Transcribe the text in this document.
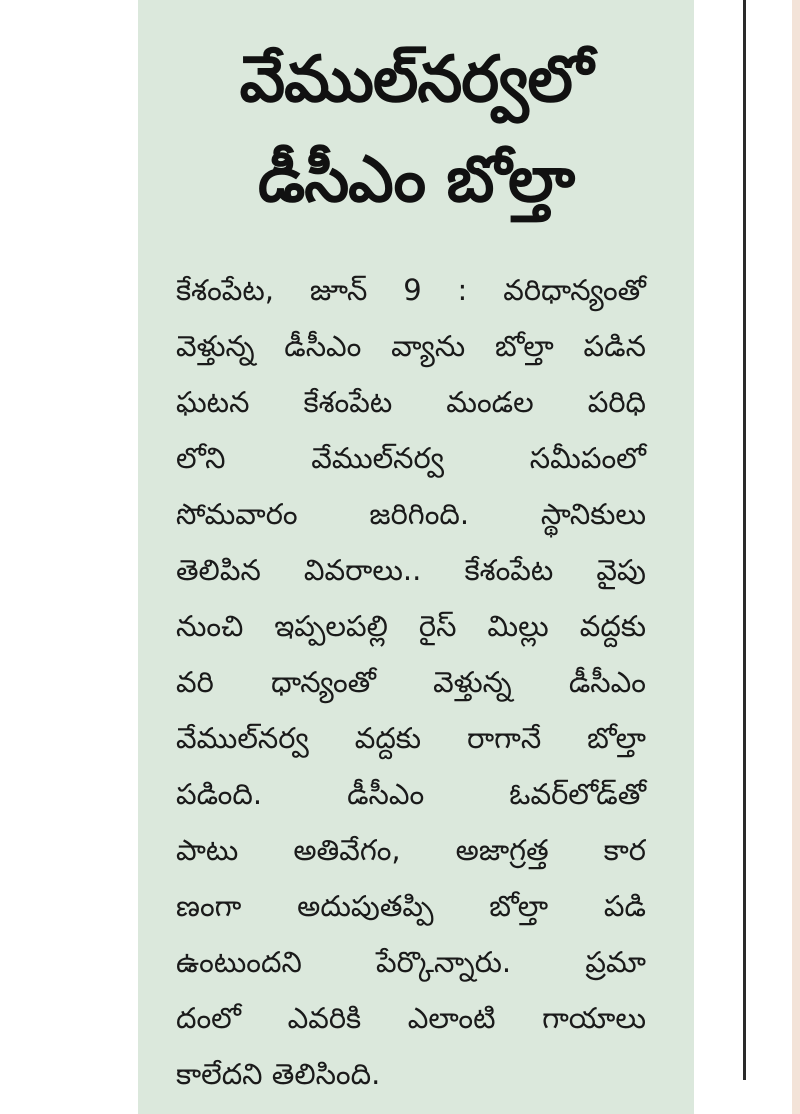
వేముల్‌నర్వలో
డీసీఎం బోల్తా
కేశంపేట, జూన్‌ 9 : వరిధాన్యంతో
వెళ్తున్న డీసీఎం వ్యాను బోల్తా పడిన
ఘటన కేశంపేట మండల పరిధి
లోని వేముల్‌నర్వ సమీపంలో
సోమవారం జరిగింది. స్థానికులు
తెలిపిన వివరాలు.. కేశంపేట వైపు
నుంచి ఇప్పలపల్లి రైస్‌ మిల్లు వద్దకు
వరి ధాన్యంతో వెళ్తున్న డీసీఎం
వేముల్‌నర్వ వద్దకు రాగానే బోల్తా
పడింది. డీసీఎం ఓవర్‌లోడ్‌తో
పాటు అతివేగం, అజాగ్రత్త కార
ణంగా అదుపుతప్పి బోల్తా పడి
ఉంటుందని పేర్కొన్నారు. ప్రమా
దంలో ఎవరికి ఎలాంటి గాయాలు
కాలేదని తెలిసింది.
